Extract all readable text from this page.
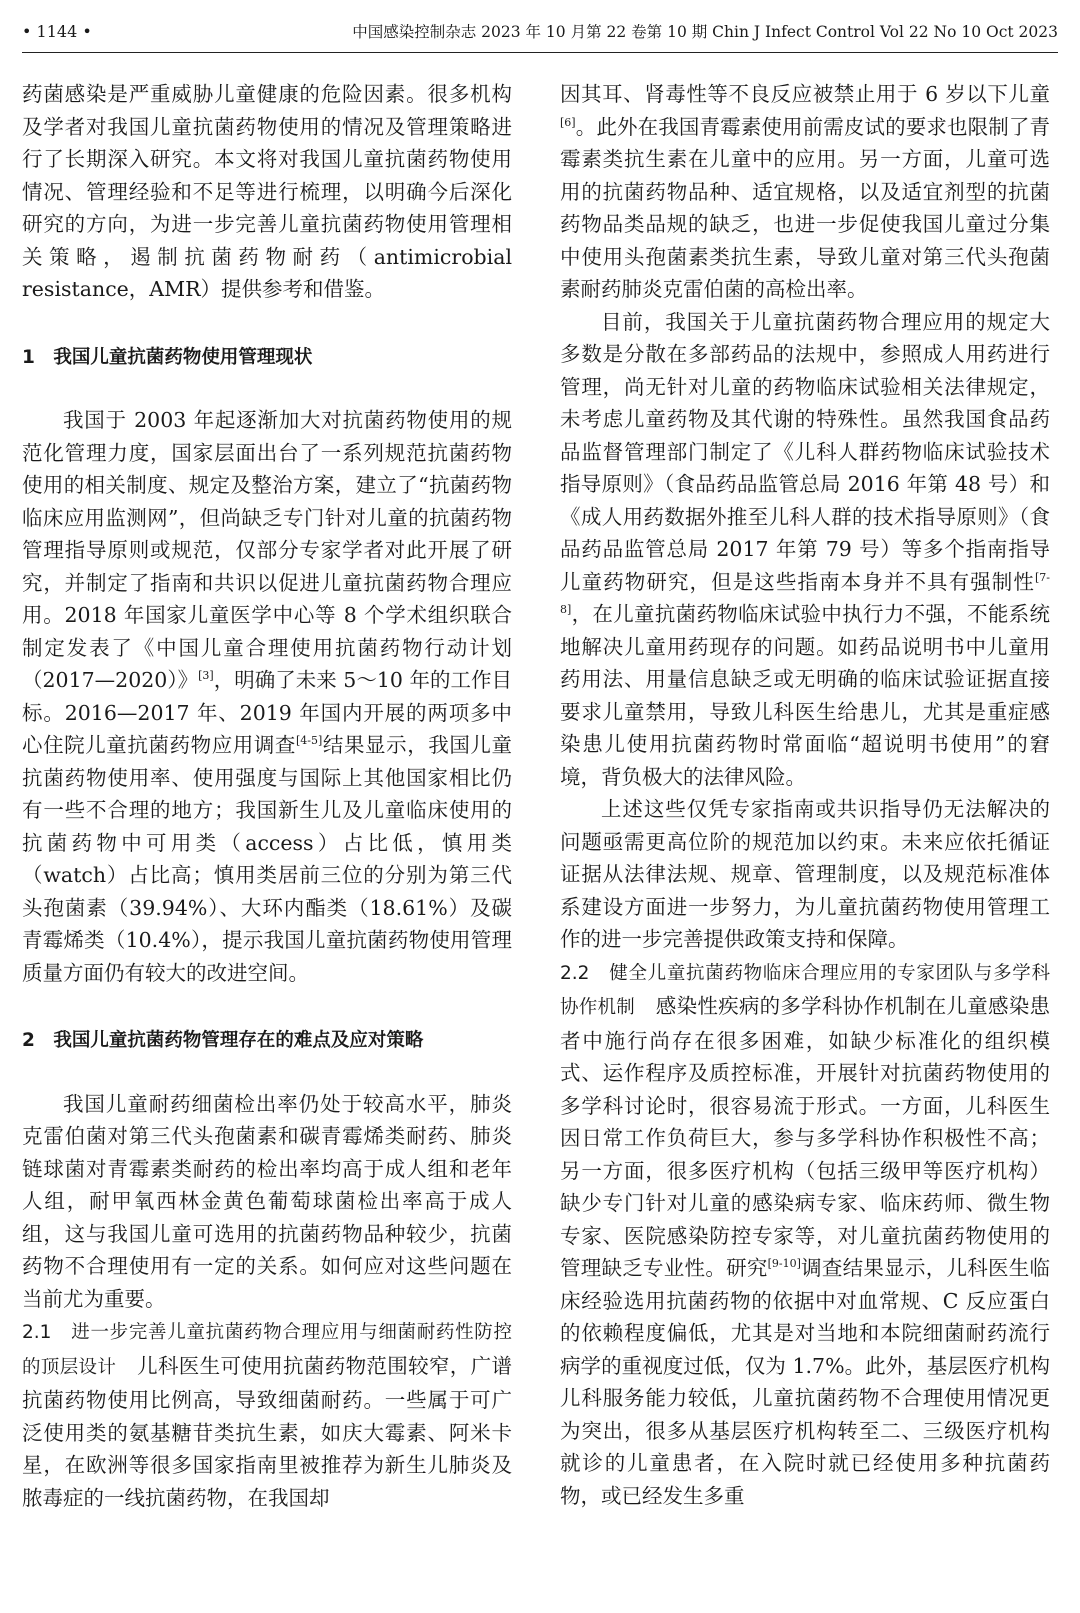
• 1144 •	中国感染控制杂志 2023 年 10 月第 22 卷第 10 期 Chin J Infect Control Vol 22 No 10 Oct 2023

药菌感染是严重威胁儿童健康的危险因素。很多机构及学者对我国儿童抗菌药物使用的情况及管理策略进行了长期深入研究。本文将对我国儿童抗菌药物使用情况、管理经验和不足等进行梳理，以明确今后深化研究的方向，为进一步完善儿童抗菌药物使用管理相关策略，遏制抗菌药物耐药（antimicrobial resistance，AMR）提供参考和借鉴。

1　我国儿童抗菌药物使用管理现状

我国于 2003 年起逐渐加大对抗菌药物使用的规范化管理力度，国家层面出台了一系列规范抗菌药物使用的相关制度、规定及整治方案，建立了“抗菌药物临床应用监测网”，但尚缺乏专门针对儿童的抗菌药物管理指导原则或规范，仅部分专家学者对此开展了研究，并制定了指南和共识以促进儿童抗菌药物合理应用。2018 年国家儿童医学中心等 8 个学术组织联合制定发表了《中国儿童合理使用抗菌药物行动计划（2017—2020）》[3]，明确了未来 5～10 年的工作目标。2016—2017 年、2019 年国内开展的两项多中心住院儿童抗菌药物应用调查[4-5]结果显示，我国儿童抗菌药物使用率、使用强度与国际上其他国家相比仍有一些不合理的地方；我国新生儿及儿童临床使用的抗菌药物中可用类（access）占比低，慎用类（watch）占比高；慎用类居前三位的分别为第三代头孢菌素（39.94%）、大环内酯类（18.61%）及碳青霉烯类（10.4%），提示我国儿童抗菌药物使用管理质量方面仍有较大的改进空间。

2　我国儿童抗菌药物管理存在的难点及应对策略

我国儿童耐药细菌检出率仍处于较高水平，肺炎克雷伯菌对第三代头孢菌素和碳青霉烯类耐药、肺炎链球菌对青霉素类耐药的检出率均高于成人组和老年人组，耐甲氧西林金黄色葡萄球菌检出率高于成人组，这与我国儿童可选用的抗菌药物品种较少，抗菌药物不合理使用有一定的关系。如何应对这些问题在当前尤为重要。

2.1　进一步完善儿童抗菌药物合理应用与细菌耐药性防控的顶层设计　儿科医生可使用抗菌药物范围较窄，广谱抗菌药物使用比例高，导致细菌耐药。一些属于可广泛使用类的氨基糖苷类抗生素，如庆大霉素、阿米卡星，在欧洲等很多国家指南里被推荐为新生儿肺炎及脓毒症的一线抗菌药物，在我国却

因其耳、肾毒性等不良反应被禁止用于 6 岁以下儿童[6]。此外在我国青霉素使用前需皮试的要求也限制了青霉素类抗生素在儿童中的应用。另一方面，儿童可选用的抗菌药物品种、适宜规格，以及适宜剂型的抗菌药物品类品规的缺乏，也进一步促使我国儿童过分集中使用头孢菌素类抗生素，导致儿童对第三代头孢菌素耐药肺炎克雷伯菌的高检出率。

目前，我国关于儿童抗菌药物合理应用的规定大多数是分散在多部药品的法规中，参照成人用药进行管理，尚无针对儿童的药物临床试验相关法律规定，未考虑儿童药物及其代谢的特殊性。虽然我国食品药品监督管理部门制定了《儿科人群药物临床试验技术指导原则》（食品药品监管总局 2016 年第 48 号）和《成人用药数据外推至儿科人群的技术指导原则》（食品药品监管总局 2017 年第 79 号）等多个指南指导儿童药物研究，但是这些指南本身并不具有强制性[7-8]，在儿童抗菌药物临床试验中执行力不强，不能系统地解决儿童用药现存的问题。如药品说明书中儿童用药用法、用量信息缺乏或无明确的临床试验证据直接要求儿童禁用，导致儿科医生给患儿，尤其是重症感染患儿使用抗菌药物时常面临“超说明书使用”的窘境，背负极大的法律风险。

上述这些仅凭专家指南或共识指导仍无法解决的问题亟需更高位阶的规范加以约束。未来应依托循证证据从法律法规、规章、管理制度，以及规范标准体系建设方面进一步努力，为儿童抗菌药物使用管理工作的进一步完善提供政策支持和保障。

2.2　健全儿童抗菌药物临床合理应用的专家团队与多学科协作机制　感染性疾病的多学科协作机制在儿童感染患者中施行尚存在很多困难，如缺少标准化的组织模式、运作程序及质控标准，开展针对抗菌药物使用的多学科讨论时，很容易流于形式。一方面，儿科医生因日常工作负荷巨大，参与多学科协作积极性不高；另一方面，很多医疗机构（包括三级甲等医疗机构）缺少专门针对儿童的感染病专家、临床药师、微生物专家、医院感染防控专家等，对儿童抗菌药物使用的管理缺乏专业性。研究[9-10]调查结果显示，儿科医生临床经验选用抗菌药物的依据中对血常规、C 反应蛋白的依赖程度偏低，尤其是对当地和本院细菌耐药流行病学的重视度过低，仅为 1.7%。此外，基层医疗机构儿科服务能力较低，儿童抗菌药物不合理使用情况更为突出，很多从基层医疗机构转至二、三级医疗机构就诊的儿童患者，在入院时就已经使用多种抗菌药物，或已经发生多重
